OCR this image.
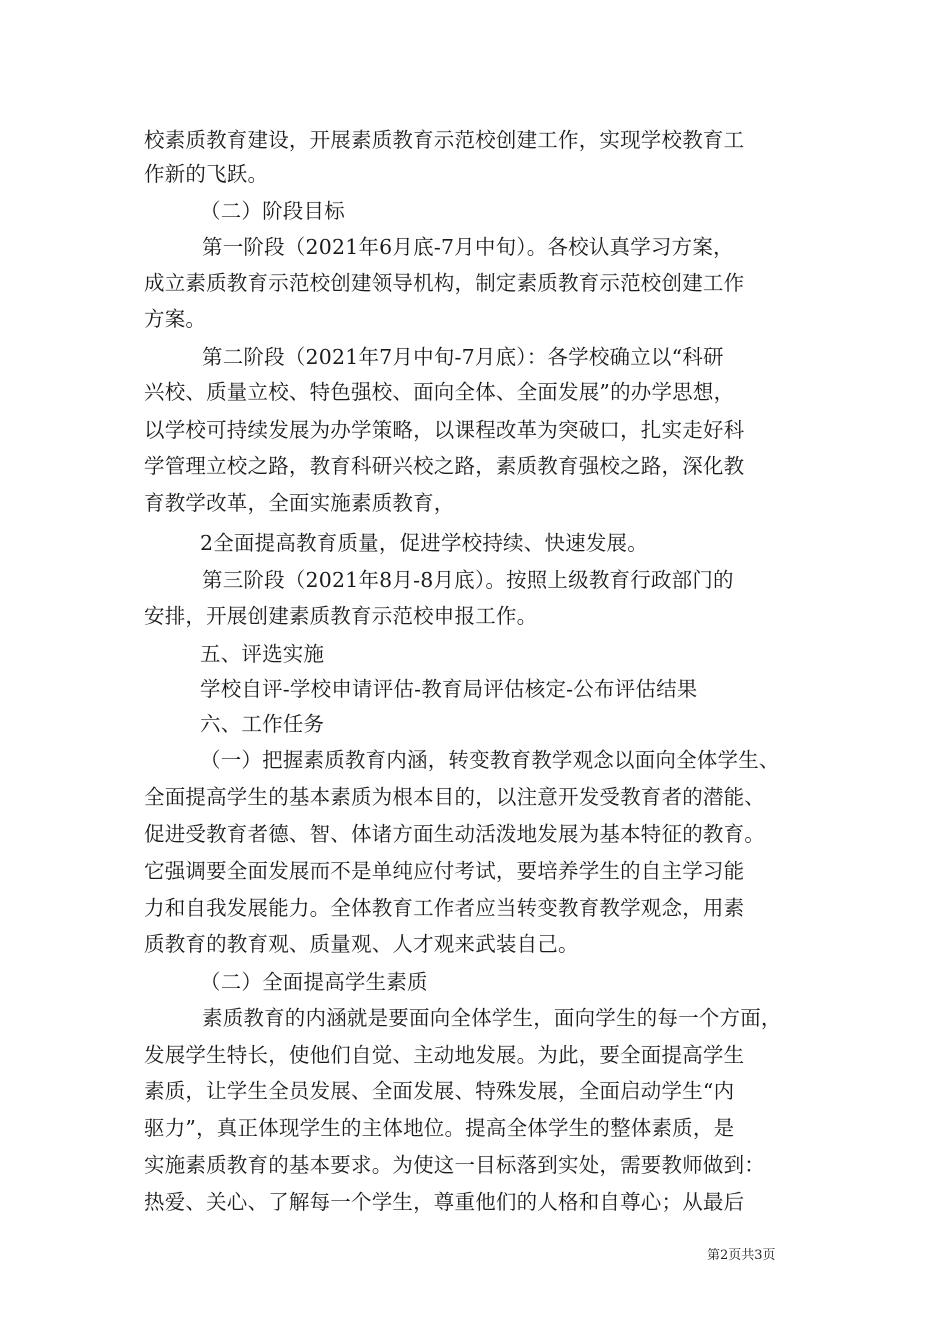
校素质教育建设，开展素质教育示范校创建工作，实现学校教育工
作新的飞跃。
（二）阶段目标
第一阶段（2021年6月底-7月中旬）。各校认真学习方案，
成立素质教育示范校创建领导机构，制定素质教育示范校创建工作
方案。
第二阶段（2021年7月中旬-7月底）：各学校确立以“科研
兴校、质量立校、特色强校、面向全体、全面发展”的办学思想，
以学校可持续发展为办学策略，以课程改革为突破口，扎实走好科
学管理立校之路，教育科研兴校之路，素质教育强校之路，深化教
育教学改革，全面实施素质教育，
2全面提高教育质量，促进学校持续、快速发展。
第三阶段（2021年8月-8月底）。按照上级教育行政部门的
安排，开展创建素质教育示范校申报工作。
五、评选实施
学校自评-学校申请评估-教育局评估核定-公布评估结果
六、工作任务
（一）把握素质教育内涵，转变教育教学观念以面向全体学生、
全面提高学生的基本素质为根本目的，以注意开发受教育者的潜能、
促进受教育者德、智、体诸方面生动活泼地发展为基本特征的教育。
它强调要全面发展而不是单纯应付考试，要培养学生的自主学习能
力和自我发展能力。全体教育工作者应当转变教育教学观念，用素
质教育的教育观、质量观、人才观来武装自己。
（二）全面提高学生素质
素质教育的内涵就是要面向全体学生，面向学生的每一个方面，
发展学生特长，使他们自觉、主动地发展。为此，要全面提高学生
素质，让学生全员发展、全面发展、特殊发展，全面启动学生“内
驱力”，真正体现学生的主体地位。提高全体学生的整体素质，是
实施素质教育的基本要求。为使这一目标落到实处，需要教师做到：
热爱、关心、了解每一个学生，尊重他们的人格和自尊心；从最后
第2页共3页
